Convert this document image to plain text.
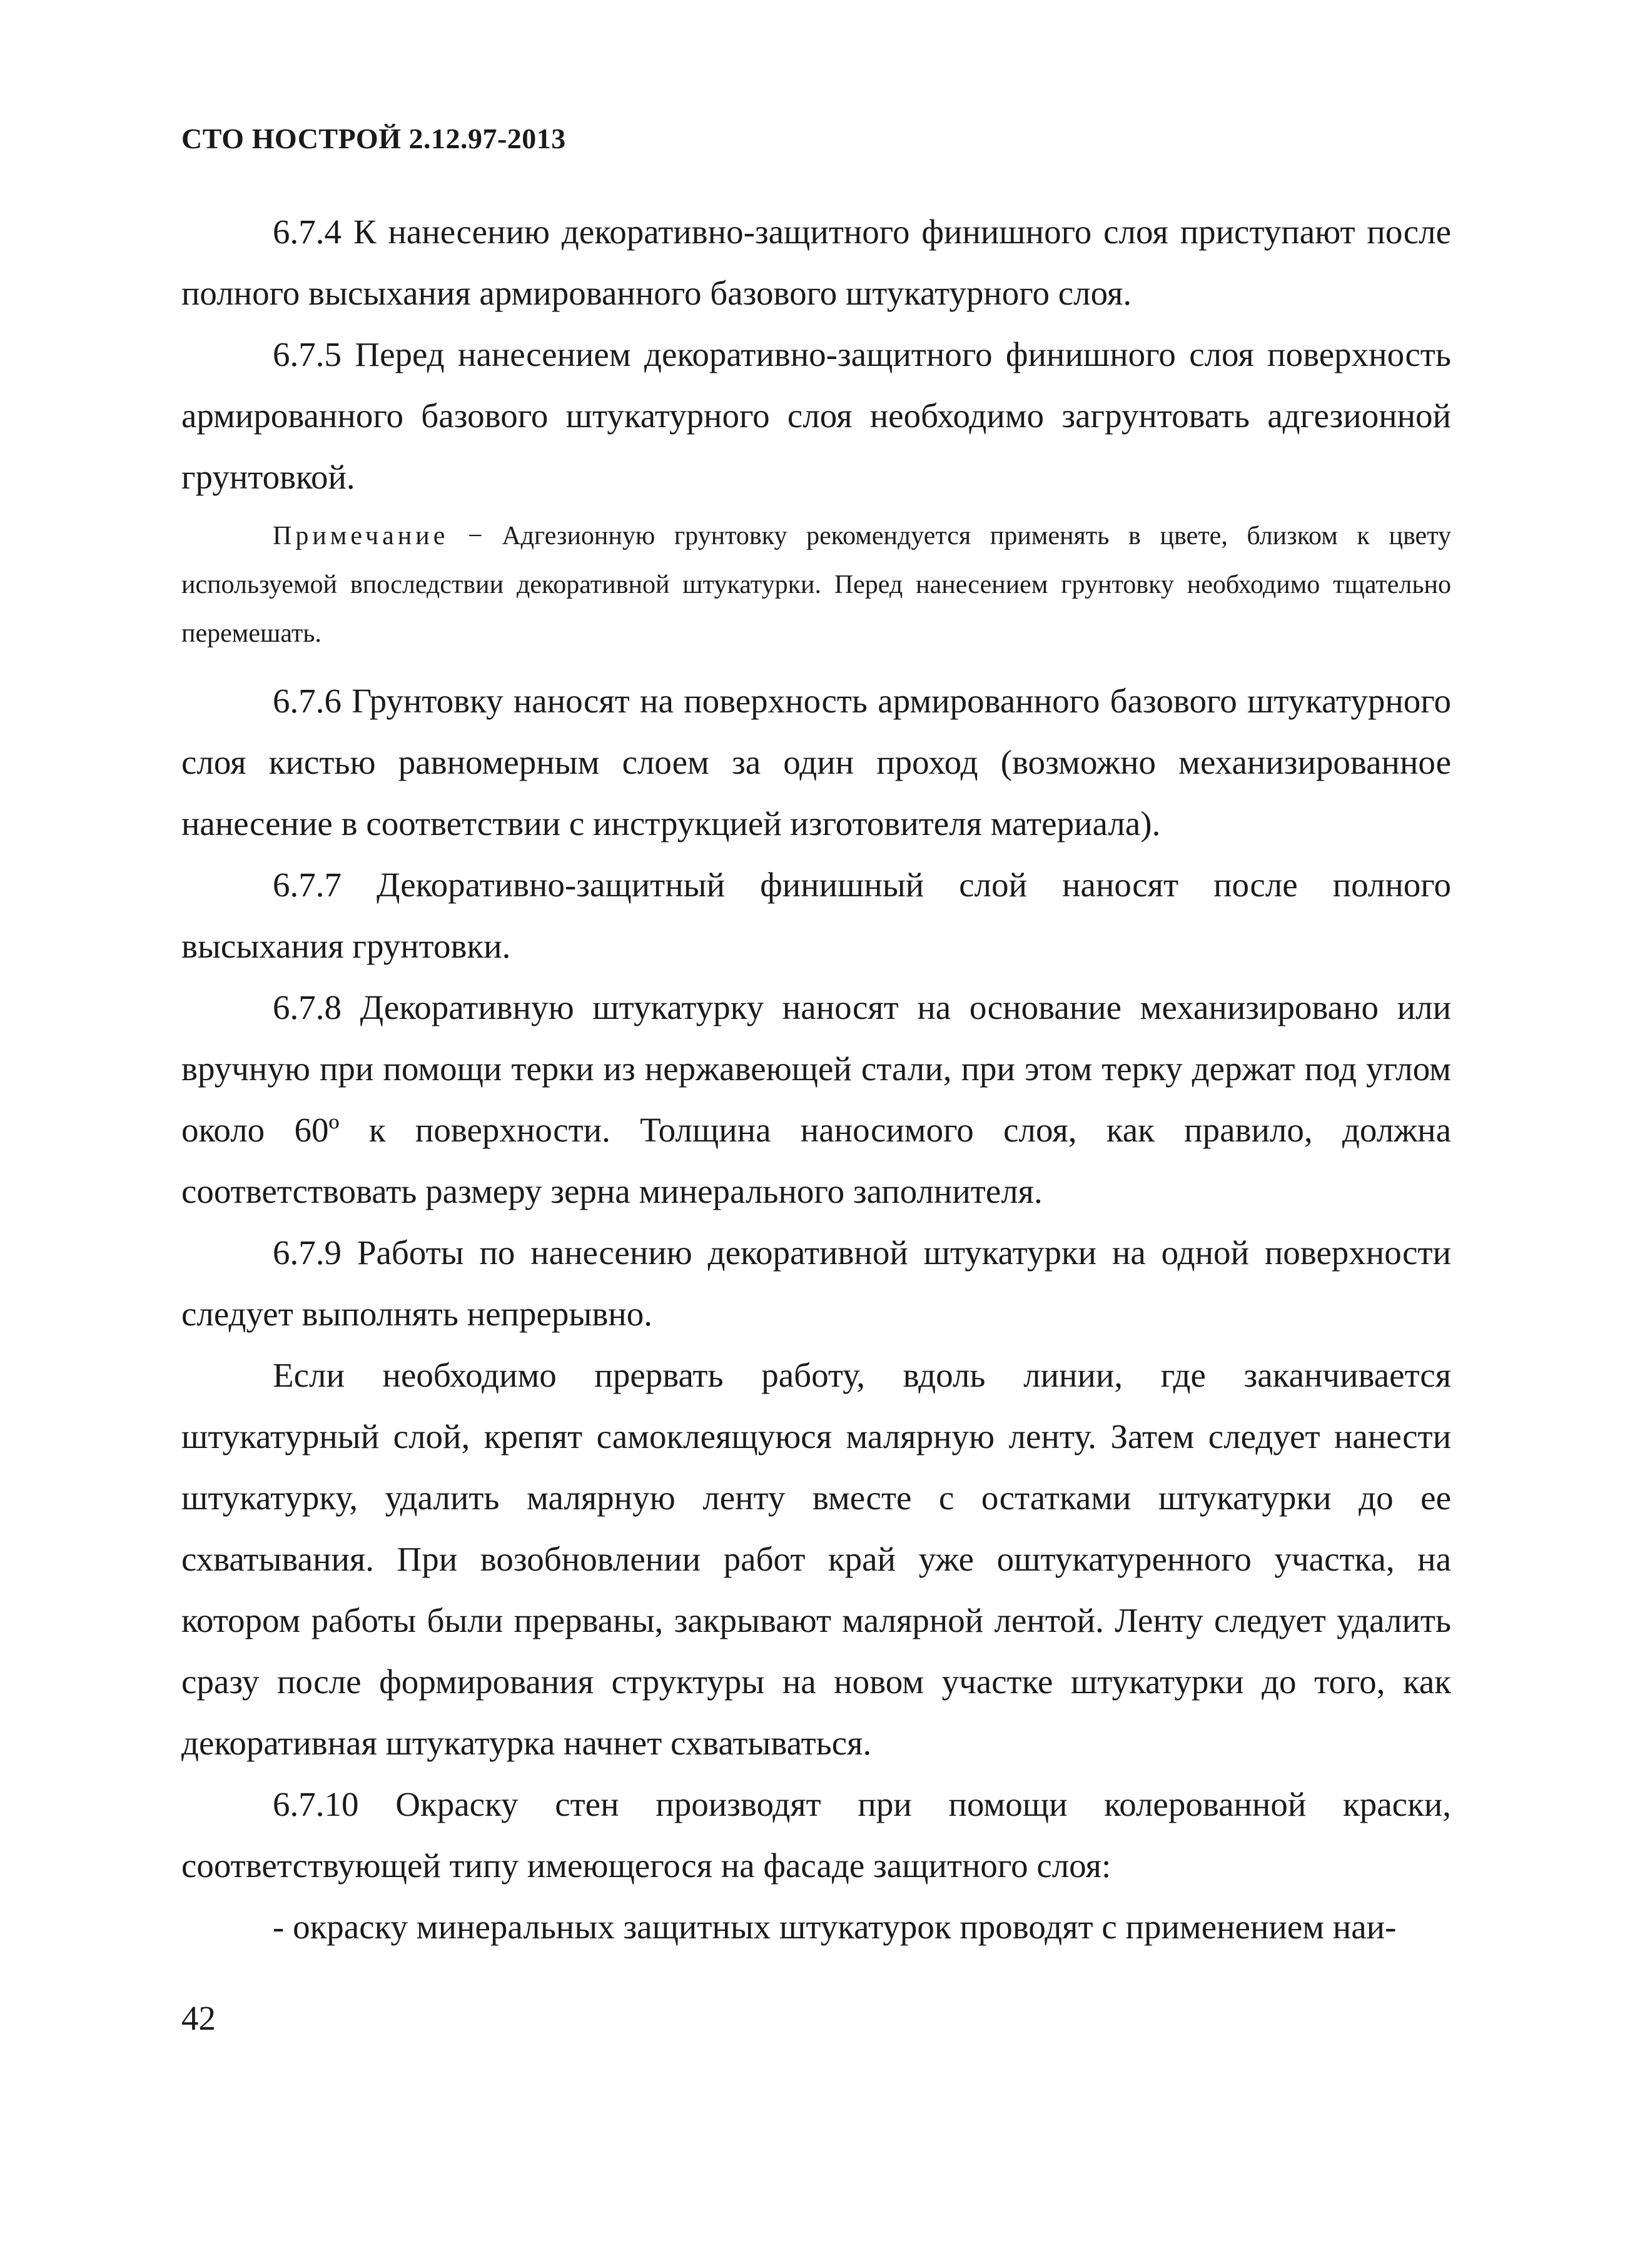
СТО НОСТРОЙ 2.12.97-2013

6.7.4 К нанесению декоративно-защитного финишного слоя приступают после полного высыхания армированного базового штукатурного слоя.

6.7.5 Перед нанесением декоративно-защитного финишного слоя поверхность армированного базового штукатурного слоя необходимо загрунтовать адгезионной грунтовкой.

Примечание − Адгезионную грунтовку рекомендуется применять в цвете, близком к цвету используемой впоследствии декоративной штукатурки. Перед нанесением грунтовку необходимо тщательно перемешать.

6.7.6 Грунтовку наносят на поверхность армированного базового штукатурного слоя кистью равномерным слоем за один проход (возможно механизированное нанесение в соответствии с инструкцией изготовителя материала).

6.7.7 Декоративно-защитный финишный слой наносят после полного высыхания грунтовки.

6.7.8 Декоративную штукатурку наносят на основание механизировано или вручную при помощи терки из нержавеющей стали, при этом терку держат под углом около 60º к поверхности. Толщина наносимого слоя, как правило, должна соответствовать размеру зерна минерального заполнителя.

6.7.9 Работы по нанесению декоративной штукатурки на одной поверхности следует выполнять непрерывно.

Если необходимо прервать работу, вдоль линии, где заканчивается штукатурный слой, крепят самоклеящуюся малярную ленту. Затем следует нанести штукатурку, удалить малярную ленту вместе с остатками штукатурки до ее схватывания. При возобновлении работ край уже оштукатуренного участка, на котором работы были прерваны, закрывают малярной лентой. Ленту следует удалить сразу после формирования структуры на новом участке штукатурки до того, как декоративная штукатурка начнет схватываться.

6.7.10 Окраску стен производят при помощи колерованной краски, соответствующей типу имеющегося на фасаде защитного слоя:

- окраску минеральных защитных штукатурок проводят с применением наи-

42
